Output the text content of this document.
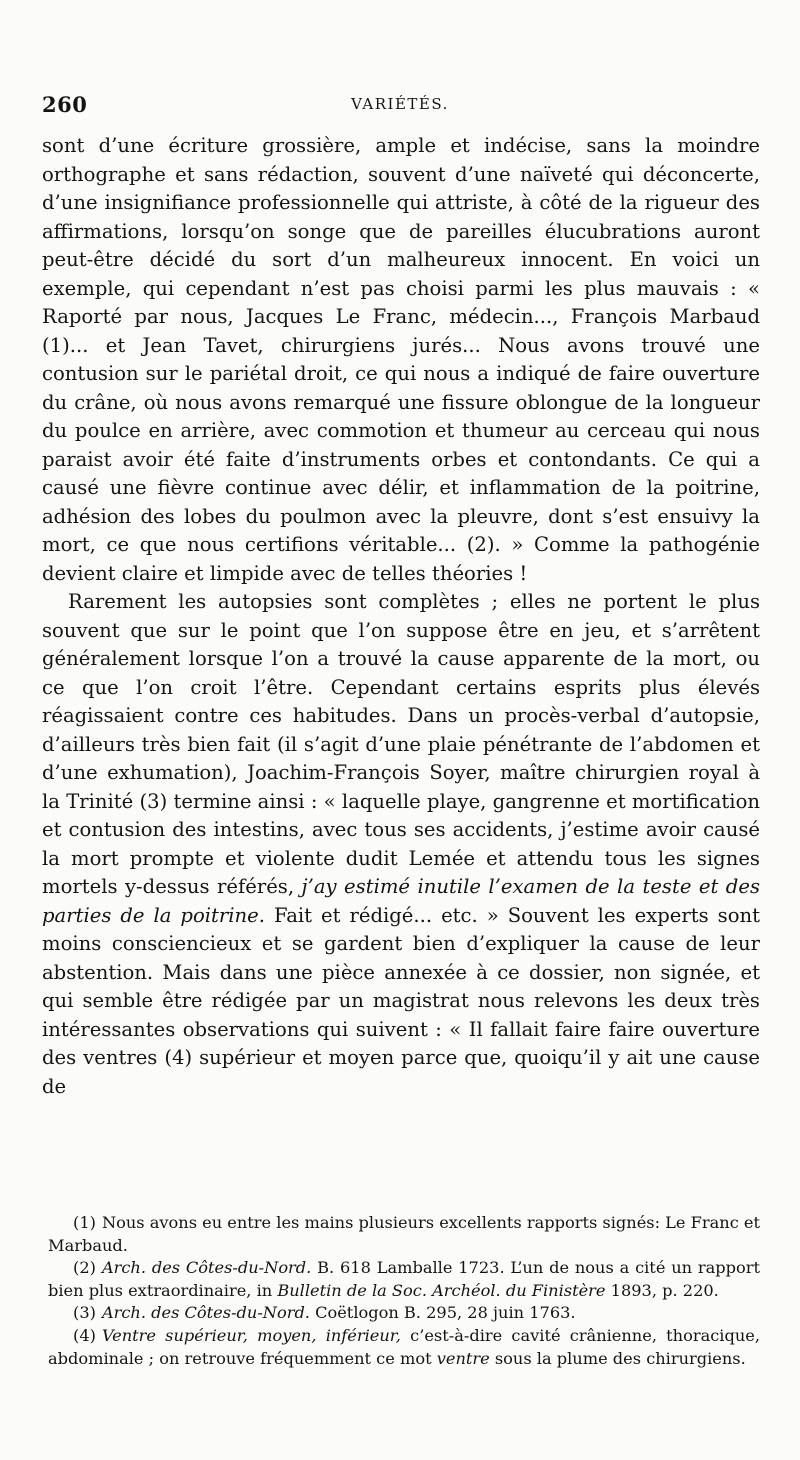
260	VARIÉTÉS.

sont d’une écriture grossière, ample et indécise, sans la moindre orthographe et sans rédaction, souvent d’une naïveté qui déconcerte, d’une insignifiance professionnelle qui attriste, à côté de la rigueur des affirmations, lorsqu’on songe que de pareilles élucubrations auront peut-être décidé du sort d’un malheureux innocent. En voici un exemple, qui cependant n’est pas choisi parmi les plus mauvais : « Raporté par nous, Jacques Le Franc, médecin..., François Marbaud (1)... et Jean Tavet, chirurgiens jurés... Nous avons trouvé une contusion sur le pariétal droit, ce qui nous a indiqué de faire ouverture du crâne, où nous avons remarqué une fissure oblongue de la longueur du poulce en arrière, avec commotion et thumeur au cerceau qui nous paraist avoir été faite d’instruments orbes et contondants. Ce qui a causé une fièvre continue avec délir, et inflammation de la poitrine, adhésion des lobes du poulmon avec la pleuvre, dont s’est ensuivy la mort, ce que nous certifions véritable... (2). » Comme la pathogénie devient claire et limpide avec de telles théories !

Rarement les autopsies sont complètes ; elles ne portent le plus souvent que sur le point que l’on suppose être en jeu, et s’arrêtent généralement lorsque l’on a trouvé la cause apparente de la mort, ou ce que l’on croit l’être. Cependant certains esprits plus élevés réagissaient contre ces habitudes. Dans un procès-verbal d’autopsie, d’ailleurs très bien fait (il s’agit d’une plaie pénétrante de l’abdomen et d’une exhumation), Joachim-François Soyer, maître chirurgien royal à la Trinité (3) termine ainsi : « laquelle playe, gangrenne et mortification et contusion des intestins, avec tous ses accidents, j’estime avoir causé la mort prompte et violente dudit Lemée et attendu tous les signes mortels y-dessus référés, j’ay estimé inutile l’examen de la teste et des parties de la poitrine. Fait et rédigé... etc. » Souvent les experts sont moins consciencieux et se gardent bien d’expliquer la cause de leur abstention. Mais dans une pièce annexée à ce dossier, non signée, et qui semble être rédigée par un magistrat nous relevons les deux très intéressantes observations qui suivent : « Il fallait faire faire ouverture des ventres (4) supérieur et moyen parce que, quoiqu’il y ait une cause de

(1) Nous avons eu entre les mains plusieurs excellents rapports signés: Le Franc et Marbaud.

(2) Arch. des Côtes-du-Nord. B. 618 Lamballe 1723. L’un de nous a cité un rapport bien plus extraordinaire, in Bulletin de la Soc. Archéol. du Finistère 1893, p. 220.

(3) Arch. des Côtes-du-Nord. Coëtlogon B. 295, 28 juin 1763.

(4) Ventre supérieur, moyen, inférieur, c’est-à-dire cavité crânienne, thoracique, abdominale ; on retrouve fréquemment ce mot ventre sous la plume des chirurgiens.
